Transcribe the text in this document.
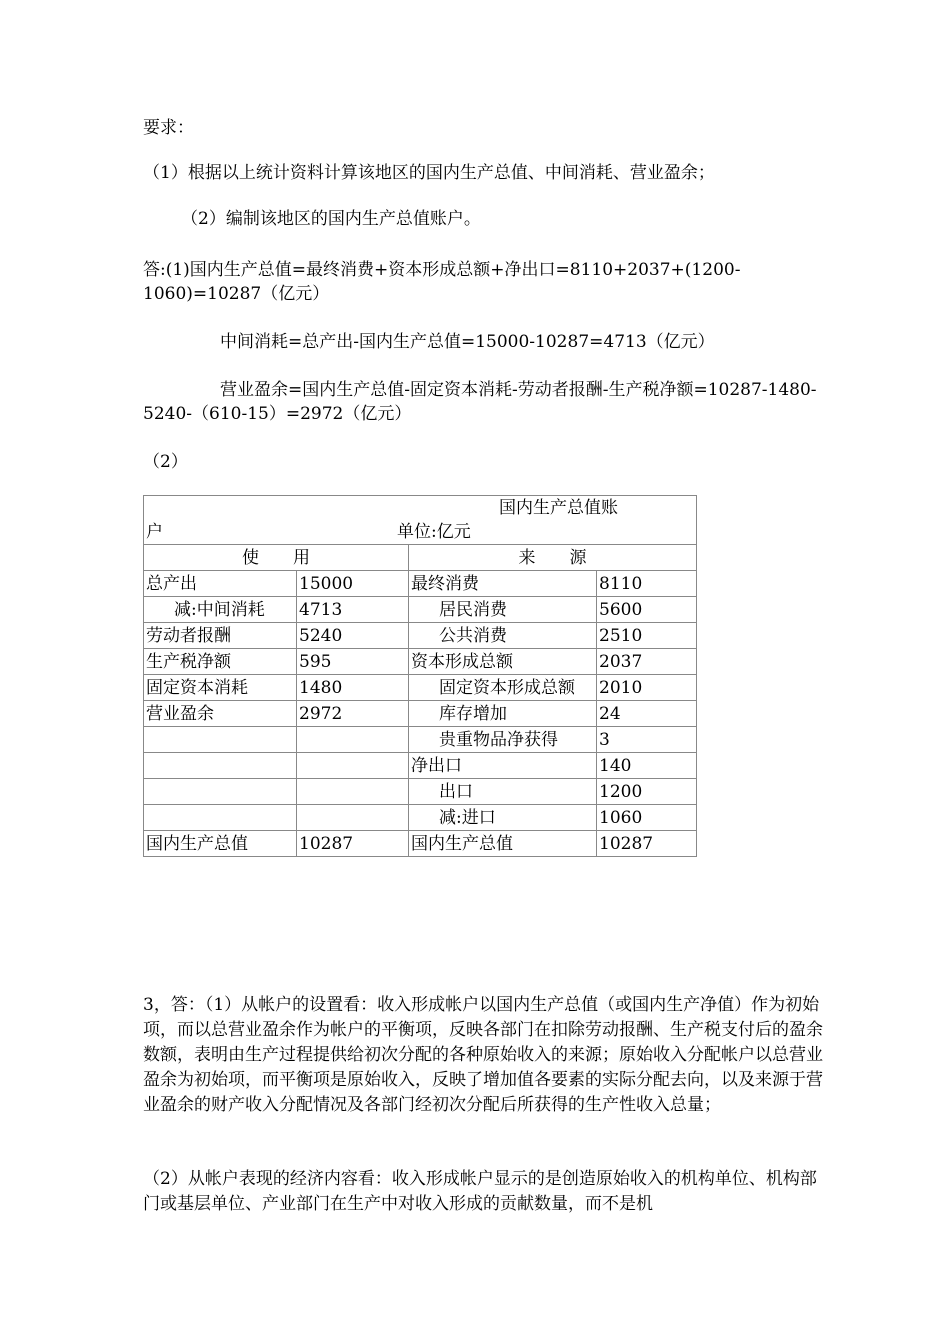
要求：

（1）根据以上统计资料计算该地区的国内生产总值、中间消耗、营业盈余；

（2）编制该地区的国内生产总值账户。

答:(1)国内生产总值=最终消费+资本形成总额+净出口=8110+2037+(1200-1060)=10287（亿元）

中间消耗=总产出-国内生产总值=15000-10287=4713（亿元）

营业盈余=国内生产总值-固定资本消耗-劳动者报酬-生产税净额=10287-1480-5240-（610-15）=2972（亿元）

（2）

国内生产总值账
户 单位:亿元			

使　　用		来　　源	
总产出	15000	最终消费	8110
减:中间消耗	4713	居民消费	5600
劳动者报酬	5240	公共消费	2510
生产税净额	595	资本形成总额	2037
固定资本消耗	1480	固定资本形成总额	2010
营业盈余	2972	库存增加	24
		贵重物品净获得	3
		净出口	140
		出口	1200
		减:进口	1060
国内生产总值	10287	国内生产总值	10287

3，答：（1）从帐户的设置看：收入形成帐户以国内生产总值（或国内生产净值）作为初始项，而以总营业盈余作为帐户的平衡项，反映各部门在扣除劳动报酬、生产税支付后的盈余数额，表明由生产过程提供给初次分配的各种原始收入的来源；原始收入分配帐户以总营业盈余为初始项，而平衡项是原始收入，反映了增加值各要素的实际分配去向，以及来源于营业盈余的财产收入分配情况及各部门经初次分配后所获得的生产性收入总量；

（2）从帐户表现的经济内容看：收入形成帐户显示的是创造原始收入的机构单位、机构部门或基层单位、产业部门在生产中对收入形成的贡献数量，而不是机
